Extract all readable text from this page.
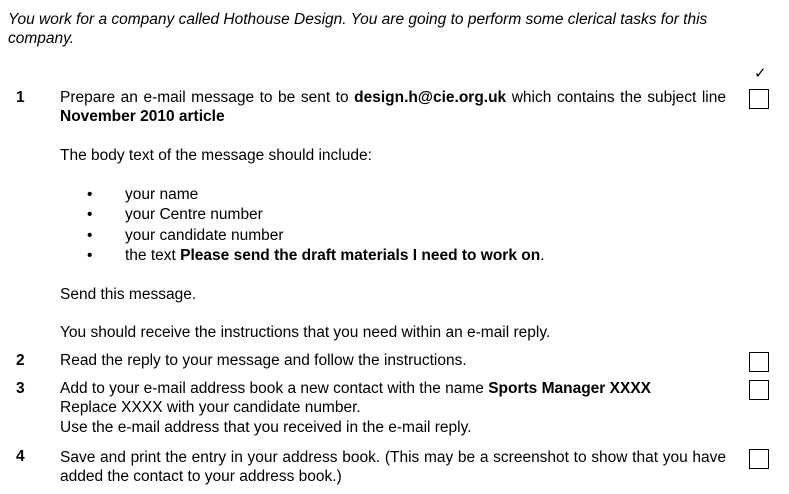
You work for a company called Hothouse Design. You are going to perform some clerical tasks for this company.
✓
1 Prepare an e-mail message to be sent to design.h@cie.org.uk which contains the subject line November 2010 article
The body text of the message should include:
• your name
• your Centre number
• your candidate number
• the text Please send the draft materials I need to work on.
Send this message.
You should receive the instructions that you need within an e-mail reply.
2 Read the reply to your message and follow the instructions.
3 Add to your e-mail address book a new contact with the name Sports Manager XXXX
Replace XXXX with your candidate number.
Use the e-mail address that you received in the e-mail reply.
4 Save and print the entry in your address book. (This may be a screenshot to show that you have added the contact to your address book.)
